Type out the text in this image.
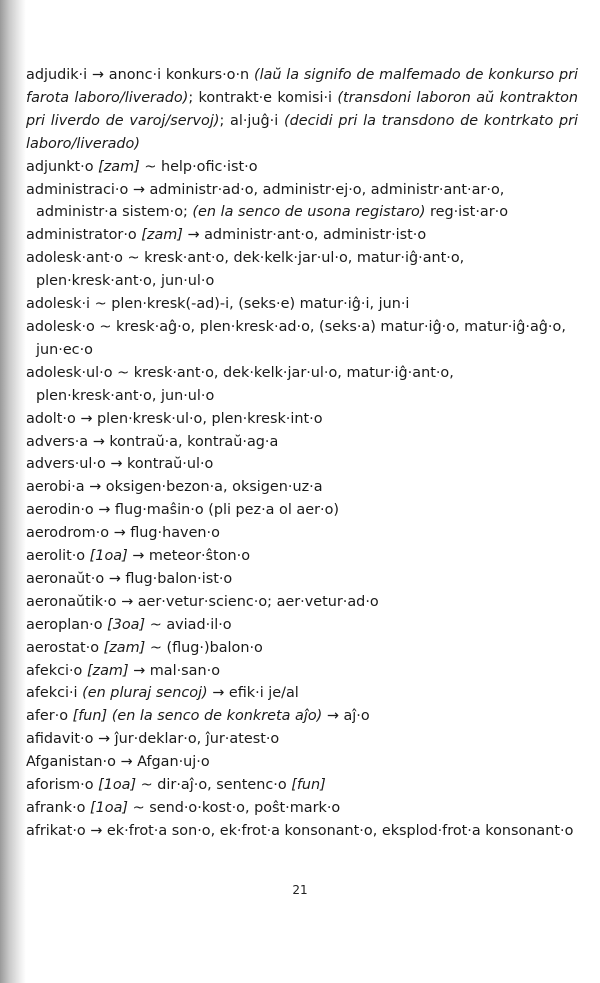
adjudik·i → anonc·i konkurs·o·n (laŭ la signifo de malfemado de konkurso pri farota laboro/liverado); kontrakt·e komisi·i (transdoni laboron aŭ kontrakton pri liverdo de varoj/servoj); al·juĝ·i (decidi pri la transdono de kontrkato pri laboro/liverado)
adjunkt·o [zam] ~ help·ofic·ist·o
administraci·o → administr·ad·o, administr·ej·o, administr·ant·ar·o, administr·a sistem·o; (en la senco de usona registaro) reg·ist·ar·o
administrator·o [zam] → administr·ant·o, administr·ist·o
adolesk·ant·o ~ kresk·ant·o, dek·kelk·jar·ul·o, matur·iĝ·ant·o, plen·kresk·ant·o, jun·ul·o
adolesk·i ~ plen·kresk(-ad)-i, (seks·e) matur·iĝ·i, jun·i
adolesk·o ~ kresk·aĝ·o, plen·kresk·ad·o, (seks·a) matur·iĝ·o, matur·iĝ·aĝ·o, jun·ec·o
adolesk·ul·o ~ kresk·ant·o, dek·kelk·jar·ul·o, matur·iĝ·ant·o, plen·kresk·ant·o, jun·ul·o
adolt·o → plen·kresk·ul·o, plen·kresk·int·o
advers·a → kontraŭ·a, kontraŭ·ag·a
advers·ul·o → kontraŭ·ul·o
aerobi·a → oksigen·bezon·a, oksigen·uz·a
aerodin·o → flug·maŝin·o (pli pez·a ol aer·o)
aerodrom·o → flug·haven·o
aerolit·o [1oa] → meteor·ŝton·o
aeronaŭt·o → flug·balon·ist·o
aeronaŭtik·o → aer·vetur·scienc·o; aer·vetur·ad·o
aeroplan·o [3oa] ~ aviad·il·o
aerostat·o [zam] ~ (flug·)balon·o
afekci·o [zam] → mal·san·o
afekci·i (en pluraj sencoj) → efik·i je/al
afer·o [fun] (en la senco de konkreta aĵo) → aĵ·o
afidavit·o → ĵur·deklar·o, ĵur·atest·o
Afganistan·o → Afgan·uj·o
aforism·o [1oa] ~ dir·aĵ·o, sentenc·o [fun]
afrank·o [1oa] ~ send·o·kost·o, poŝt·mark·o
afrikat·o → ek·frot·a son·o, ek·frot·a konsonant·o, eksplod·frot·a konsonant·o
21
